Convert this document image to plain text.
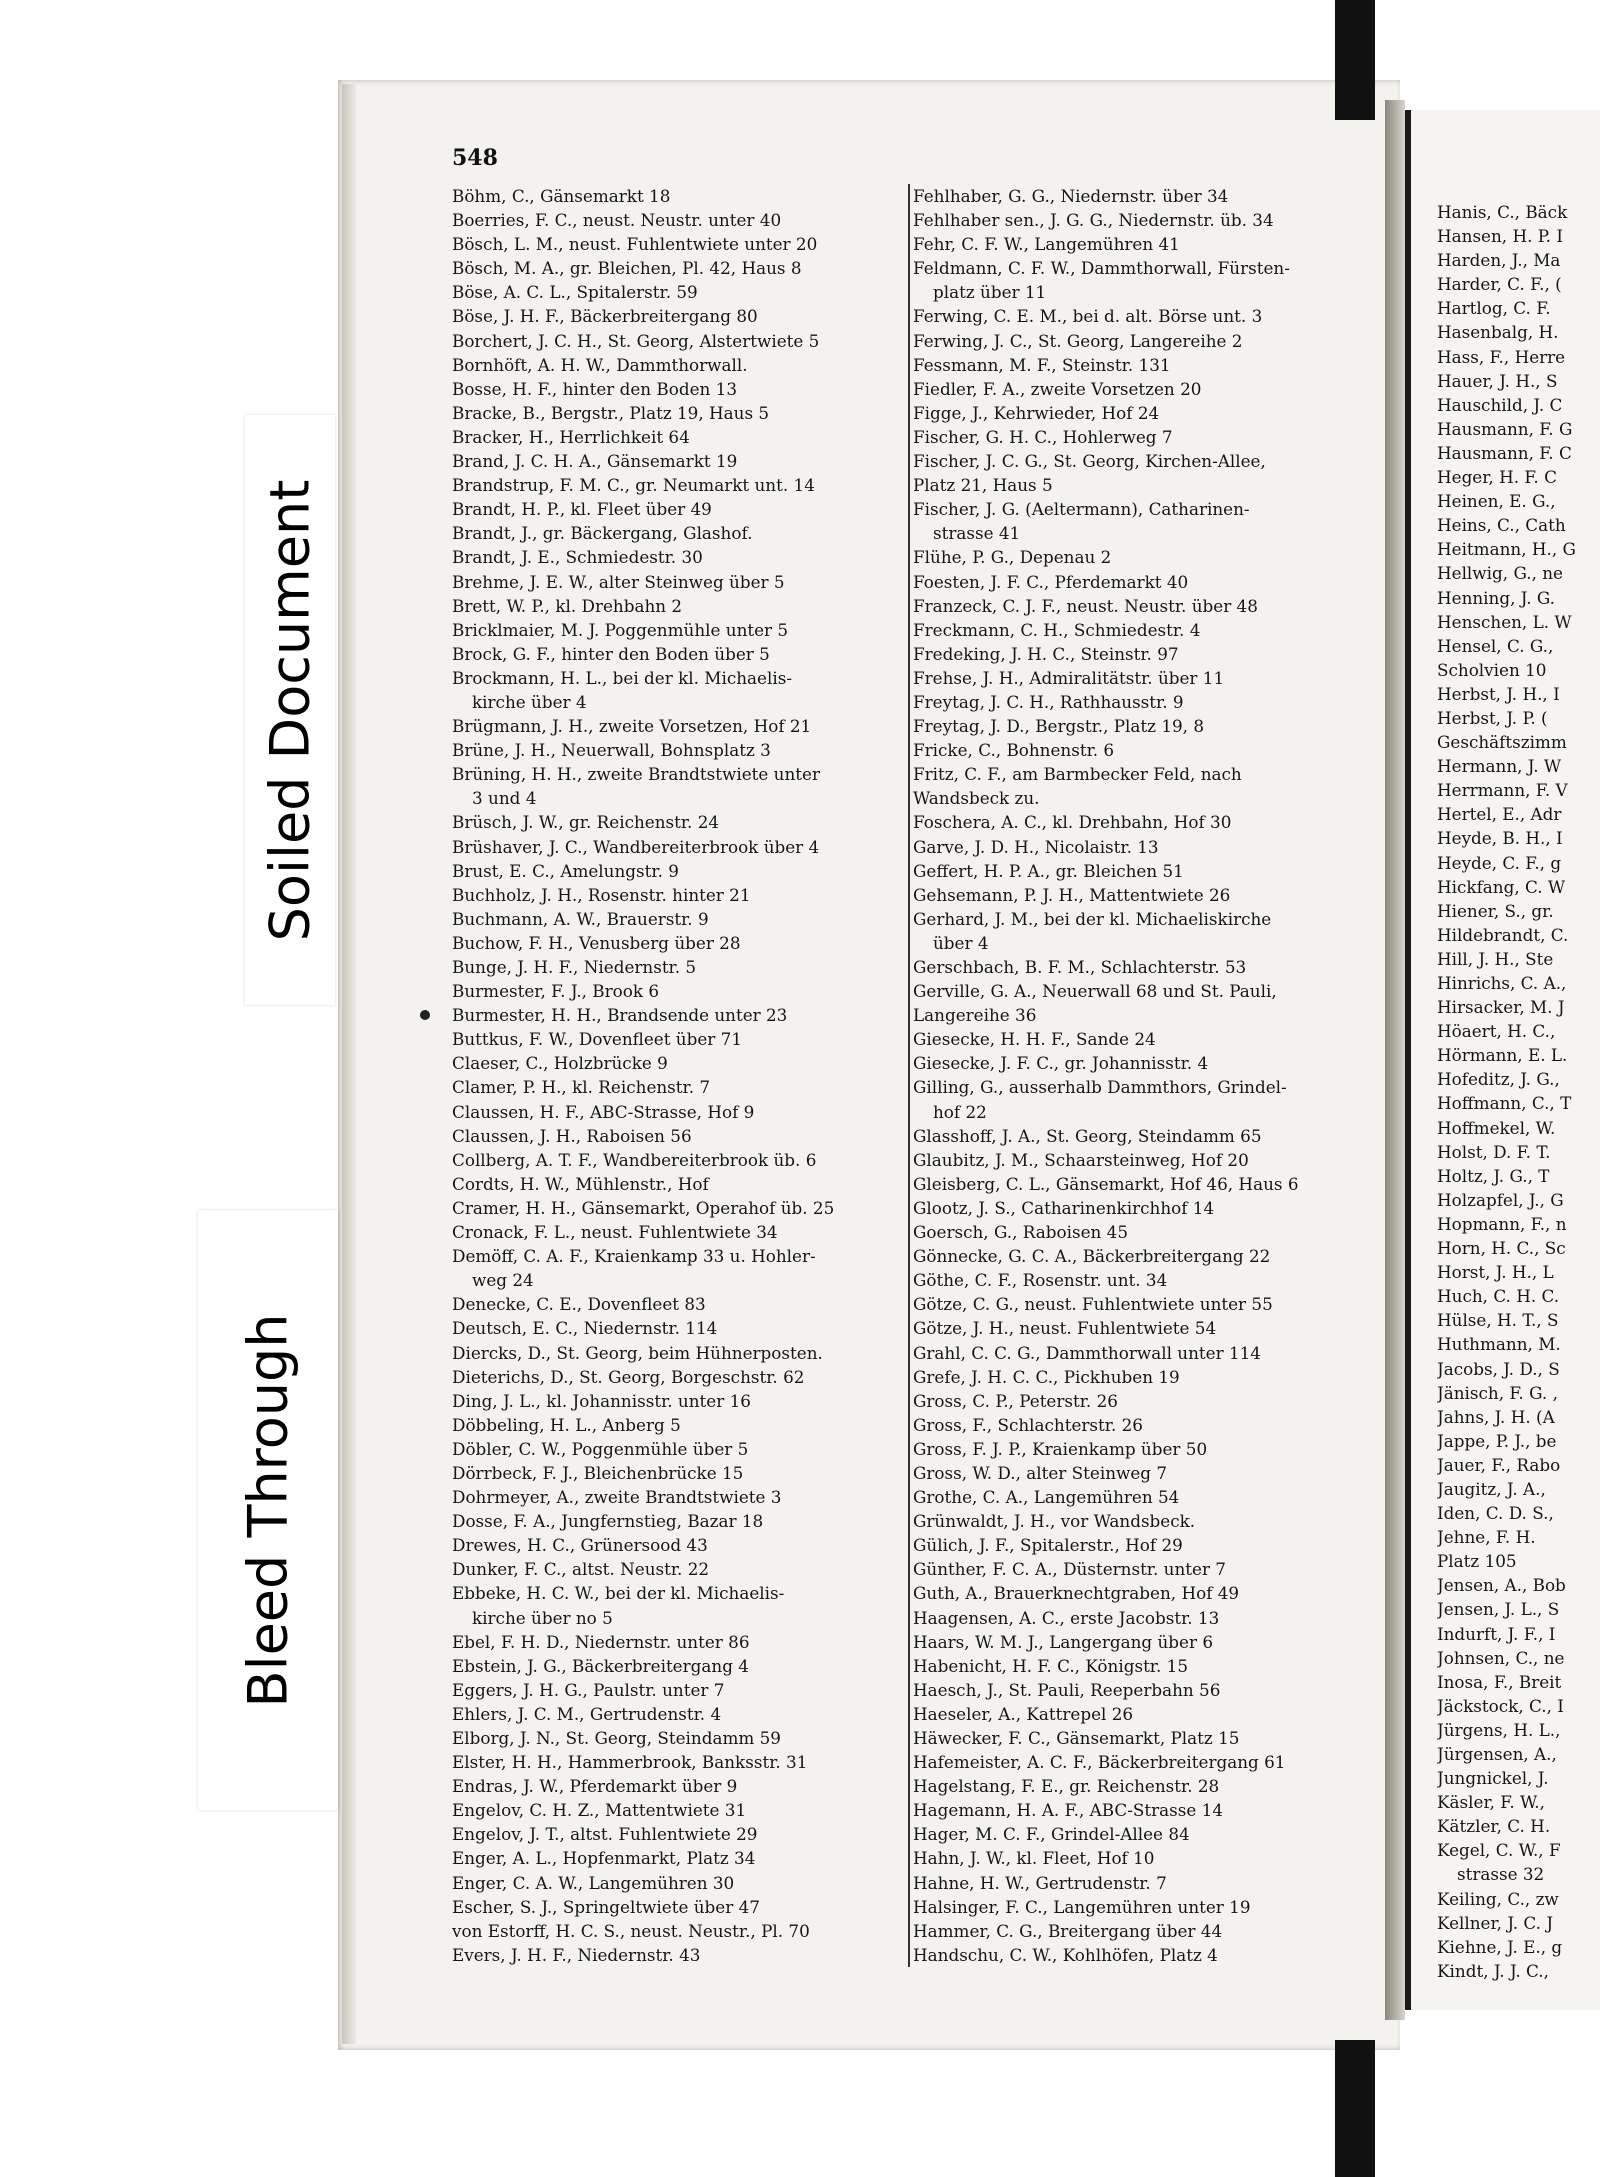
Soiled Document
Bleed Through
548
Böhm, C., Gänsemarkt 18
Boerries, F. C., neust. Neustr. unter 40
Bösch, L. M., neust. Fuhlentwiete unter 20
Bösch, M. A., gr. Bleichen, Pl. 42, Haus 8
Böse, A. C. L., Spitalerstr. 59
Böse, J. H. F., Bäckerbreitergang 80
Borchert, J. C. H., St. Georg, Alstertwiete 5
Bornhöft, A. H. W., Dammthorwall.
Bosse, H. F., hinter den Boden 13
Bracke, B., Bergstr., Platz 19, Haus 5
Bracker, H., Herrlichkeit 64
Brand, J. C. H. A., Gänsemarkt 19
Brandstrup, F. M. C., gr. Neumarkt unt. 14
Brandt, H. P., kl. Fleet über 49
Brandt, J., gr. Bäckergang, Glashof.
Brandt, J. E., Schmiedestr. 30
Brehme, J. E. W., alter Steinweg über 5
Brett, W. P., kl. Drehbahn 2
Bricklmaier, M. J. Poggenmühle unter 5
Brock, G. F., hinter den Boden über 5
Brockmann, H. L., bei der kl. Michaelis-
kirche über 4
Brügmann, J. H., zweite Vorsetzen, Hof 21
Brüne, J. H., Neuerwall, Bohnsplatz 3
Brüning, H. H., zweite Brandtstwiete unter
3 und 4
Brüsch, J. W., gr. Reichenstr. 24
Brüshaver, J. C., Wandbereiterbrook über 4
Brust, E. C., Amelungstr. 9
Buchholz, J. H., Rosenstr. hinter 21
Buchmann, A. W., Brauerstr. 9
Buchow, F. H., Venusberg über 28
Bunge, J. H. F., Niedernstr. 5
Burmester, F. J., Brook 6
Burmester, H. H., Brandsende unter 23
Buttkus, F. W., Dovenfleet über 71
Claeser, C., Holzbrücke 9
Clamer, P. H., kl. Reichenstr. 7
Claussen, H. F., ABC-Strasse, Hof 9
Claussen, J. H., Raboisen 56
Collberg, A. T. F., Wandbereiterbrook üb. 6
Cordts, H. W., Mühlenstr., Hof
Cramer, H. H., Gänsemarkt, Operahof üb. 25
Cronack, F. L., neust. Fuhlentwiete 34
Demöff, C. A. F., Kraienkamp 33 u. Hohler-
weg 24
Denecke, C. E., Dovenfleet 83
Deutsch, E. C., Niedernstr. 114
Diercks, D., St. Georg, beim Hühnerposten.
Dieterichs, D., St. Georg, Borgeschstr. 62
Ding, J. L., kl. Johannisstr. unter 16
Döbbeling, H. L., Anberg 5
Döbler, C. W., Poggenmühle über 5
Dörrbeck, F. J., Bleichenbrücke 15
Dohrmeyer, A., zweite Brandtstwiete 3
Dosse, F. A., Jungfernstieg, Bazar 18
Drewes, H. C., Grünersood 43
Dunker, F. C., altst. Neustr. 22
Ebbeke, H. C. W., bei der kl. Michaelis-
kirche über no 5
Ebel, F. H. D., Niedernstr. unter 86
Ebstein, J. G., Bäckerbreitergang 4
Eggers, J. H. G., Paulstr. unter 7
Ehlers, J. C. M., Gertrudenstr. 4
Elborg, J. N., St. Georg, Steindamm 59
Elster, H. H., Hammerbrook, Banksstr. 31
Endras, J. W., Pferdemarkt über 9
Engelov, C. H. Z., Mattentwiete 31
Engelov, J. T., altst. Fuhlentwiete 29
Enger, A. L., Hopfenmarkt, Platz 34
Enger, C. A. W., Langemühren 30
Escher, S. J., Springeltwiete über 47
von Estorff, H. C. S., neust. Neustr., Pl. 70
Evers, J. H. F., Niedernstr. 43
Fehlhaber, G. G., Niedernstr. über 34
Fehlhaber sen., J. G. G., Niedernstr. üb. 34
Fehr, C. F. W., Langemühren 41
Feldmann, C. F. W., Dammthorwall, Fürsten-
platz über 11
Ferwing, C. E. M., bei d. alt. Börse unt. 3
Ferwing, J. C., St. Georg, Langereihe 2
Fessmann, M. F., Steinstr. 131
Fiedler, F. A., zweite Vorsetzen 20
Figge, J., Kehrwieder, Hof 24
Fischer, G. H. C., Hohlerweg 7
Fischer, J. C. G., St. Georg, Kirchen-Allee,
Platz 21, Haus 5
Fischer, J. G. (Aeltermann), Catharinen-
strasse 41
Flühe, P. G., Depenau 2
Foesten, J. F. C., Pferdemarkt 40
Franzeck, C. J. F., neust. Neustr. über 48
Freckmann, C. H., Schmiedestr. 4
Fredeking, J. H. C., Steinstr. 97
Frehse, J. H., Admiralitätstr. über 11
Freytag, J. C. H., Rathhausstr. 9
Freytag, J. D., Bergstr., Platz 19, 8
Fricke, C., Bohnenstr. 6
Fritz, C. F., am Barmbecker Feld, nach
Wandsbeck zu.
Foschera, A. C., kl. Drehbahn, Hof 30
Garve, J. D. H., Nicolaistr. 13
Geffert, H. P. A., gr. Bleichen 51
Gehsemann, P. J. H., Mattentwiete 26
Gerhard, J. M., bei der kl. Michaeliskirche
über 4
Gerschbach, B. F. M., Schlachterstr. 53
Gerville, G. A., Neuerwall 68 und St. Pauli,
Langereihe 36
Giesecke, H. H. F., Sande 24
Giesecke, J. F. C., gr. Johannisstr. 4
Gilling, G., ausserhalb Dammthors, Grindel-
hof 22
Glasshoff, J. A., St. Georg, Steindamm 65
Glaubitz, J. M., Schaarsteinweg, Hof 20
Gleisberg, C. L., Gänsemarkt, Hof 46, Haus 6
Glootz, J. S., Catharinenkirchhof 14
Goersch, G., Raboisen 45
Gönnecke, G. C. A., Bäckerbreitergang 22
Göthe, C. F., Rosenstr. unt. 34
Götze, C. G., neust. Fuhlentwiete unter 55
Götze, J. H., neust. Fuhlentwiete 54
Grahl, C. C. G., Dammthorwall unter 114
Grefe, J. H. C. C., Pickhuben 19
Gross, C. P., Peterstr. 26
Gross, F., Schlachterstr. 26
Gross, F. J. P., Kraienkamp über 50
Gross, W. D., alter Steinweg 7
Grothe, C. A., Langemühren 54
Grünwaldt, J. H., vor Wandsbeck.
Gülich, J. F., Spitalerstr., Hof 29
Günther, F. C. A., Düsternstr. unter 7
Guth, A., Brauerknechtgraben, Hof 49
Haagensen, A. C., erste Jacobstr. 13
Haars, W. M. J., Langergang über 6
Habenicht, H. F. C., Königstr. 15
Haesch, J., St. Pauli, Reeperbahn 56
Haeseler, A., Kattrepel 26
Häwecker, F. C., Gänsemarkt, Platz 15
Hafemeister, A. C. F., Bäckerbreitergang 61
Hagelstang, F. E., gr. Reichenstr. 28
Hagemann, H. A. F., ABC-Strasse 14
Hager, M. C. F., Grindel-Allee 84
Hahn, J. W., kl. Fleet, Hof 10
Hahne, H. W., Gertrudenstr. 7
Halsinger, F. C., Langemühren unter 19
Hammer, C. G., Breitergang über 44
Handschu, C. W., Kohlhöfen, Platz 4
Hanis, C., Bäck
Hansen, H. P. I
Harden, J., Ma
Harder, C. F., (
Hartlog, C. F.
Hasenbalg, H.
Hass, F., Herre
Hauer, J. H., S
Hauschild, J. C
Hausmann, F. G
Hausmann, F. C
Heger, H. F. C
Heinen, E. G.,
Heins, C., Cath
Heitmann, H., G
Hellwig, G., ne
Henning, J. G.
Henschen, L. W
Hensel, C. G.,
Scholvien 10
Herbst, J. H., I
Herbst, J. P. (
Geschäftszimm
Hermann, J. W
Herrmann, F. V
Hertel, E., Adr
Heyde, B. H., I
Heyde, C. F., g
Hickfang, C. W
Hiener, S., gr.
Hildebrandt, C.
Hill, J. H., Ste
Hinrichs, C. A.,
Hirsacker, M. J
Höaert, H. C.,
Hörmann, E. L.
Hofeditz, J. G.,
Hoffmann, C., T
Hoffmekel, W.
Holst, D. F. T.
Holtz, J. G., T
Holzapfel, J., G
Hopmann, F., n
Horn, H. C., Sc
Horst, J. H., L
Huch, C. H. C.
Hülse, H. T., S
Huthmann, M.
Jacobs, J. D., S
Jänisch, F. G. ,
Jahns, J. H. (A
Jappe, P. J., be
Jauer, F., Rabo
Jaugitz, J. A.,
Iden, C. D. S.,
Jehne, F. H.
Platz 105
Jensen, A., Bob
Jensen, J. L., S
Indurft, J. F., I
Johnsen, C., ne
Inosa, F., Breit
Jäckstock, C., I
Jürgens, H. L.,
Jürgensen, A.,
Jungnickel, J.
Käsler, F. W.,
Kätzler, C. H.
Kegel, C. W., F
strasse 32
Keiling, C., zw
Kellner, J. C. J
Kiehne, J. E., g
Kindt, J. J. C.,
